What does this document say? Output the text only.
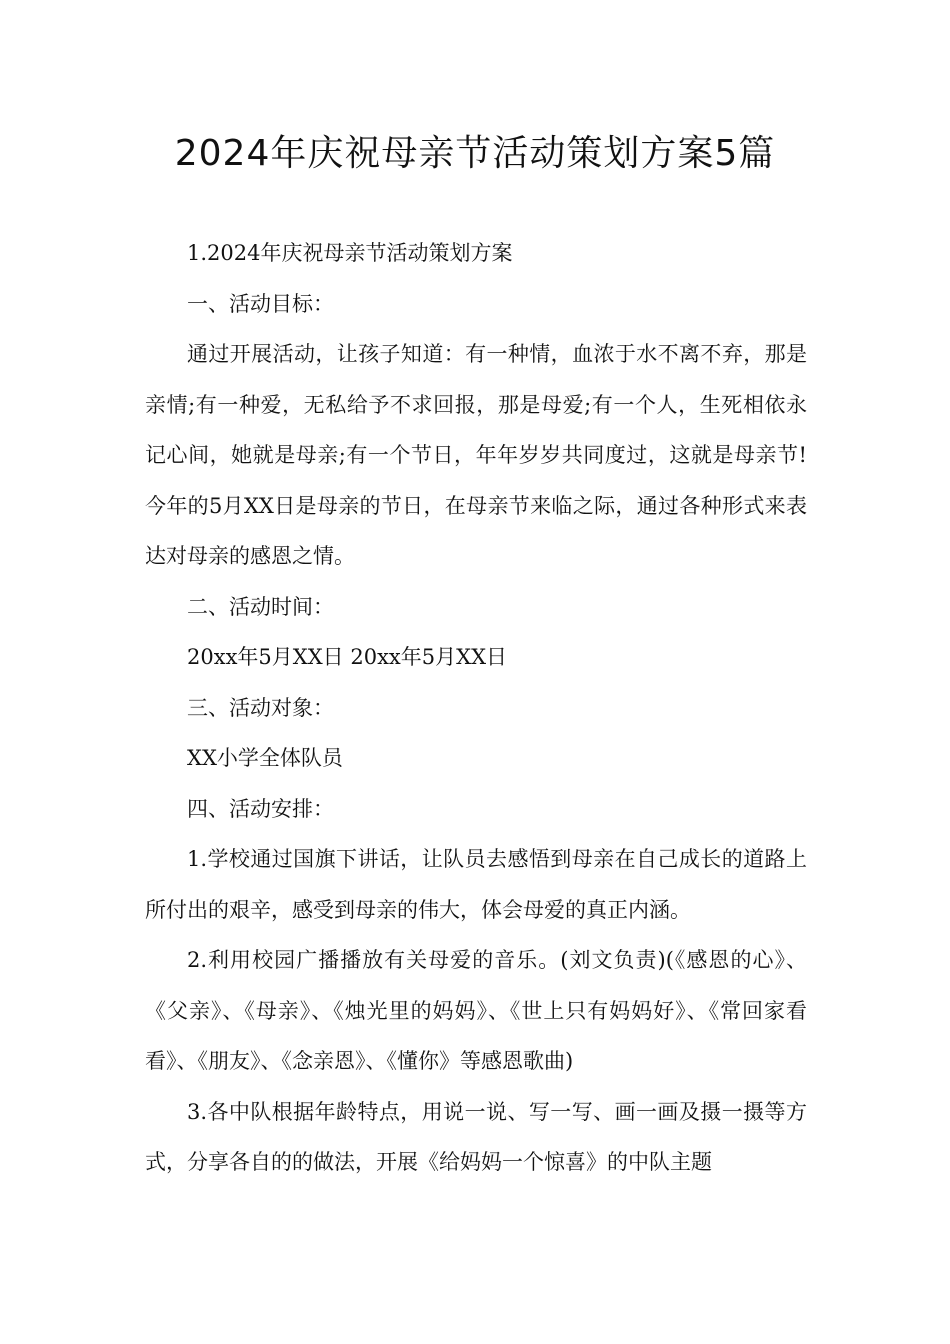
2024年庆祝母亲节活动策划方案5篇

1.2024年庆祝母亲节活动策划方案

一、活动目标：

通过开展活动，让孩子知道：有一种情，血浓于水不离不弃，那是亲情;有一种爱，无私给予不求回报，那是母爱;有一个人，生死相依永记心间，她就是母亲;有一个节日，年年岁岁共同度过，这就是母亲节!今年的5月XX日是母亲的节日，在母亲节来临之际，通过各种形式来表达对母亲的感恩之情。

二、活动时间：

20xx年5月XX日 20xx年5月XX日

三、活动对象：

XX小学全体队员

四、活动安排：

1.学校通过国旗下讲话，让队员去感悟到母亲在自己成长的道路上所付出的艰辛，感受到母亲的伟大，体会母爱的真正内涵。

2.利用校园广播播放有关母爱的音乐。(刘文负责)(《感恩的心》、《父亲》、《母亲》、《烛光里的妈妈》、《世上只有妈妈好》、《常回家看看》、《朋友》、《念亲恩》、《懂你》等感恩歌曲)

3.各中队根据年龄特点，用说一说、写一写、画一画及摄一摄等方式，分享各自的的做法，开展《给妈妈一个惊喜》的中队主题
